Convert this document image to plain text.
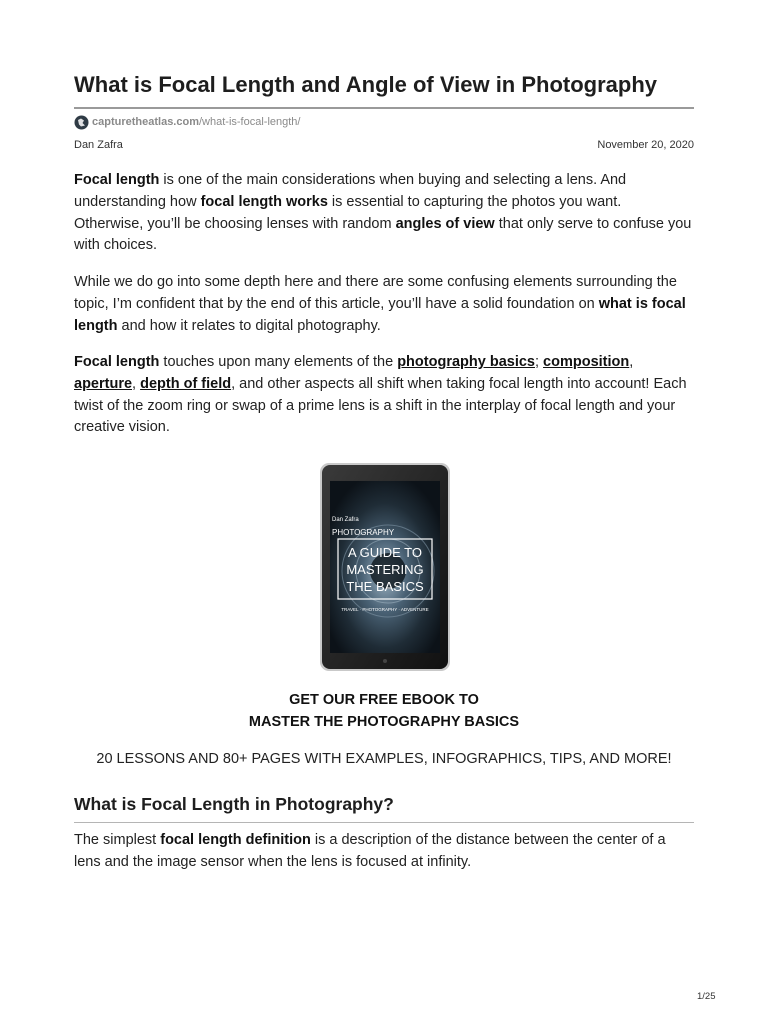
What is Focal Length and Angle of View in Photography
capturetheatlas.com /what-is-focal-length/
Dan Zafra	November 20, 2020

Focal length is one of the main considerations when buying and selecting a lens. And understanding how focal length works is essential to capturing the photos you want. Otherwise, you’ll be choosing lenses with random angles of view that only serve to confuse you with choices.

While we do go into some depth here and there are some confusing elements surrounding the topic, I’m confident that by the end of this article, you’ll have a solid foundation on what is focal length and how it relates to digital photography.

Focal length touches upon many elements of the photography basics; composition, aperture, depth of field, and other aspects all shift when taking focal length into account! Each twist of the zoom ring or swap of a prime lens is a shift in the interplay of focal length and your creative vision.

Dan Zafra
PHOTOGRAPHY
A GUIDE TO
MASTERING
THE BASICS
TRAVEL · PHOTOGRAPHY · ADVENTURE
GET OUR FREE EBOOK TO
MASTER THE PHOTOGRAPHY BASICS
20 LESSONS AND 80+ PAGES WITH EXAMPLES, INFOGRAPHICS, TIPS, AND MORE!
What is Focal Length in Photography?

The simplest focal length definition is a description of the distance between the center of a lens and the image sensor when the lens is focused at infinity.

1/25
